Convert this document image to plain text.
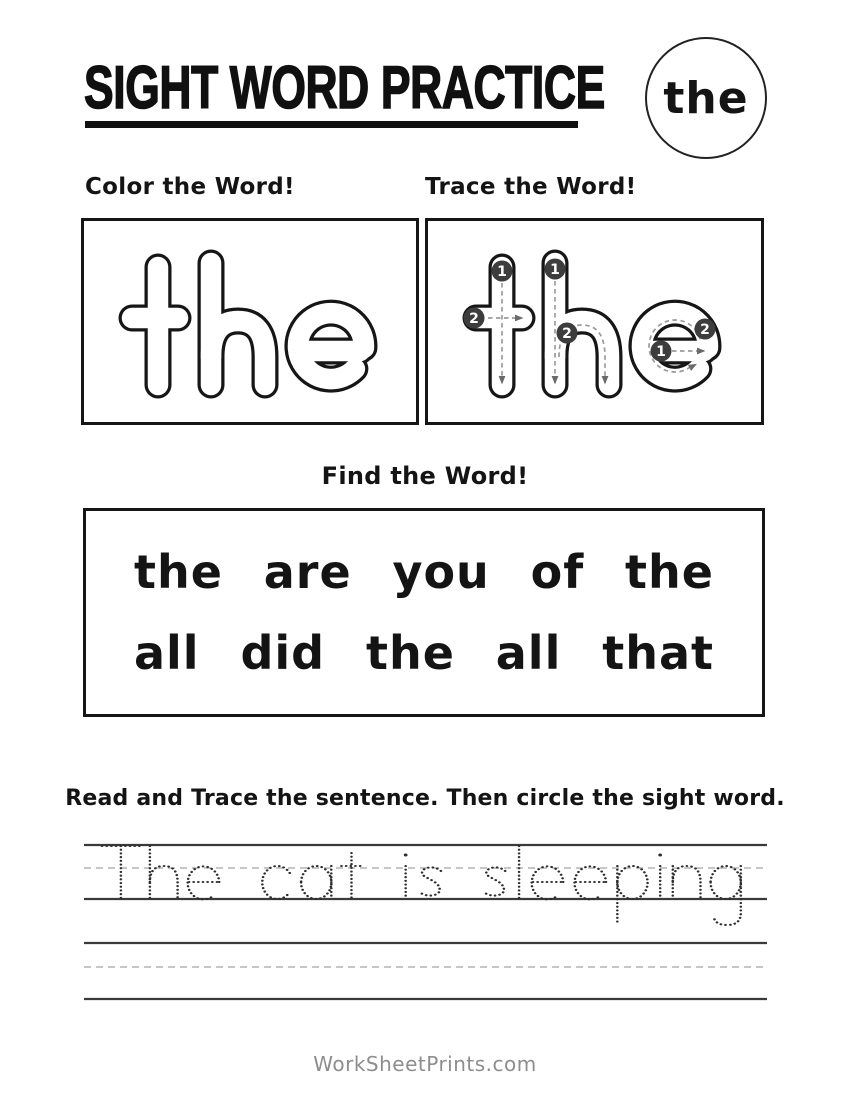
SIGHT WORD PRACTICE the
Color the Word!	Trace the Word!
1
2
1
2
1
2
Find the Word!
the are you of the
all did the all that
Read and Trace the sentence. Then circle the sight word.
WorkSheetPrints.com
